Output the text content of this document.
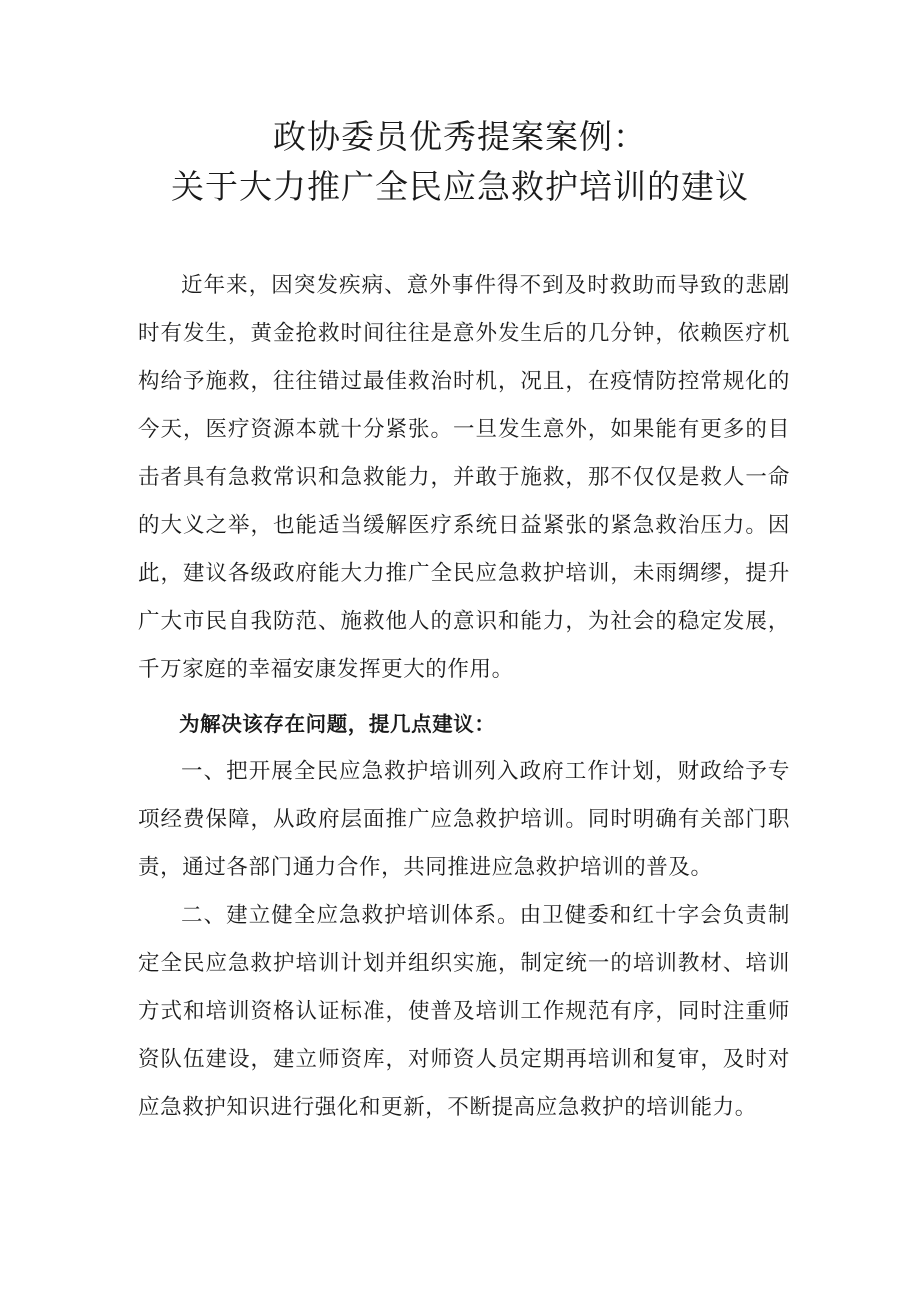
政协委员优秀提案案例：
关于大力推广全民应急救护培训的建议

近年来，因突发疾病、意外事件得不到及时救助而导致的悲剧时有发生，黄金抢救时间往往是意外发生后的几分钟，依赖医疗机构给予施救，往往错过最佳救治时机，况且，在疫情防控常规化的今天，医疗资源本就十分紧张。一旦发生意外，如果能有更多的目击者具有急救常识和急救能力，并敢于施救，那不仅仅是救人一命的大义之举，也能适当缓解医疗系统日益紧张的紧急救治压力。因此，建议各级政府能大力推广全民应急救护培训，未雨绸缪，提升广大市民自我防范、施救他人的意识和能力，为社会的稳定发展，千万家庭的幸福安康发挥更大的作用。

为解决该存在问题，提几点建议：

一、把开展全民应急救护培训列入政府工作计划，财政给予专项经费保障，从政府层面推广应急救护培训。同时明确有关部门职责，通过各部门通力合作，共同推进应急救护培训的普及。

二、建立健全应急救护培训体系。由卫健委和红十字会负责制定全民应急救护培训计划并组织实施，制定统一的培训教材、培训方式和培训资格认证标准，使普及培训工作规范有序，同时注重师资队伍建设，建立师资库，对师资人员定期再培训和复审，及时对应急救护知识进行强化和更新，不断提高应急救护的培训能力。
